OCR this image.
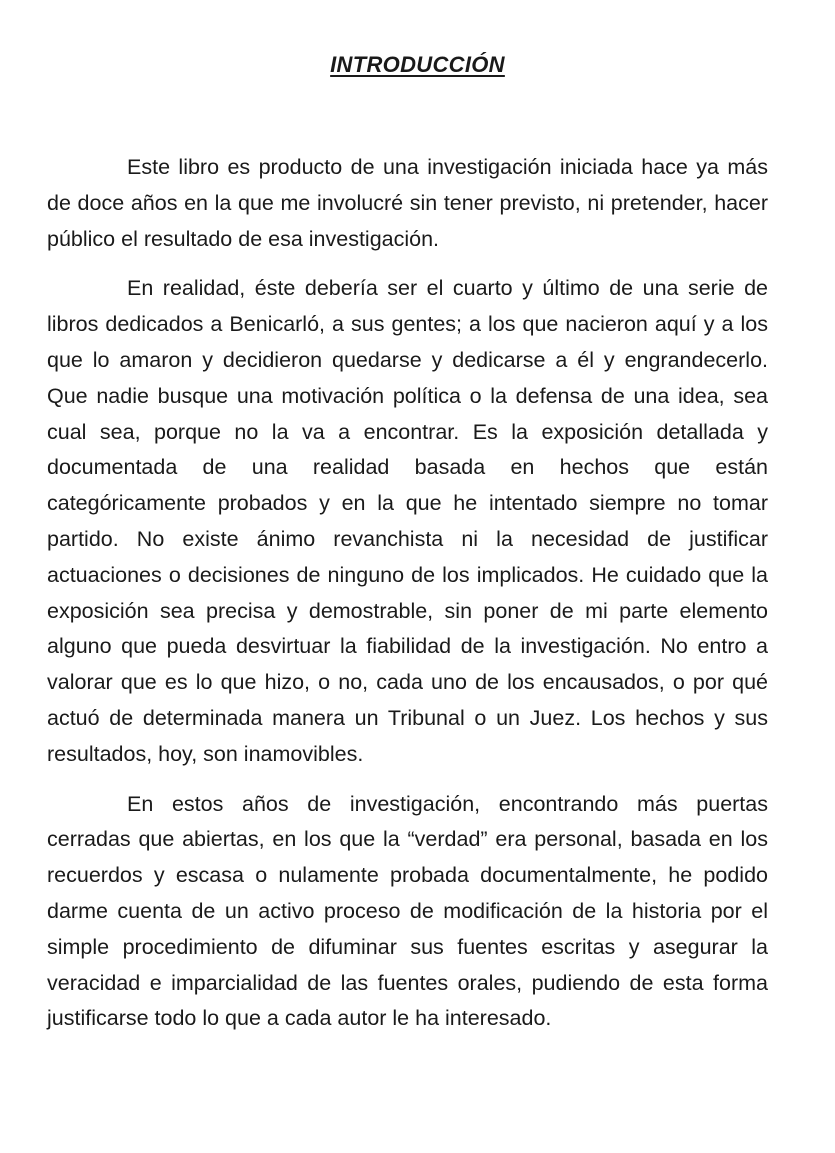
INTRODUCCIÓN

Este libro es producto de una investigación iniciada hace ya más de doce años en la que me involucré sin tener previsto, ni pretender, hacer público el resultado de esa investigación.

En realidad, éste debería ser el cuarto y último de una serie de libros dedicados a Benicarló, a sus gentes; a los que nacieron aquí y a los que lo amaron y decidieron quedarse y dedicarse a él y engrandecerlo. Que nadie busque una motivación política o la defensa de una idea, sea cual sea, porque no la va a encontrar. Es la exposición detallada y documentada de una realidad basada en hechos que están categóricamente probados y en la que he intentado siempre no tomar partido. No existe ánimo revanchista ni la necesidad de justificar actuaciones o decisiones de ninguno de los implicados. He cuidado que la exposición sea precisa y demostrable, sin poner de mi parte elemento alguno que pueda desvirtuar la fiabilidad de la investigación. No entro a valorar que es lo que hizo, o no, cada uno de los encausados, o por qué actuó de determinada manera un Tribunal o un Juez. Los hechos y sus resultados, hoy, son inamovibles.

En estos años de investigación, encontrando más puertas cerradas que abiertas, en los que la “verdad” era personal, basada en los recuerdos y escasa o nulamente probada documentalmente, he podido darme cuenta de un activo proceso de modificación de la historia por el simple procedimiento de difuminar sus fuentes escritas y asegurar la veracidad e imparcialidad de las fuentes orales, pudiendo de esta forma justificarse todo lo que a cada autor le ha interesado.
